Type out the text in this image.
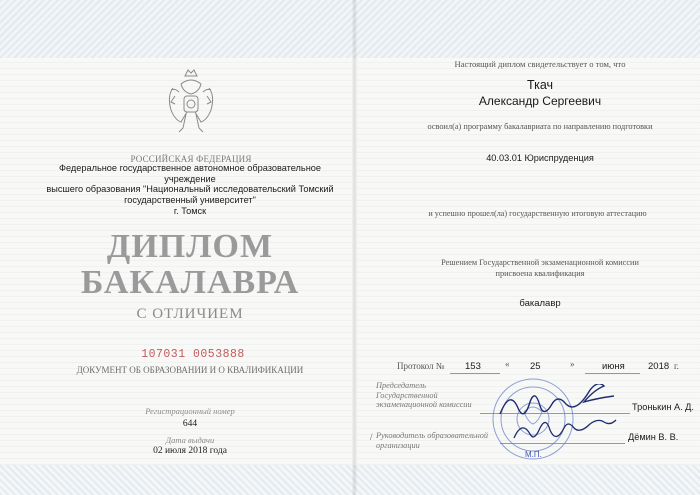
РОССИЙСКАЯ ФЕДЕРАЦИЯ
Федеральное государственное автономное образовательное учреждение
высшего образования "Национальный исследовательский Томский
государственный университет"
г. Томск
ДИПЛОМ
БАКАЛАВРА
С ОТЛИЧИЕМ
107031 0053888
ДОКУМЕНТ ОБ ОБРАЗОВАНИИ И О КВАЛИФИКАЦИИ
Регистрационный номер
644
Дата выдачи
02 июля 2018 года
Настоящий диплом свидетельствует о том, что
Ткач
Александр Сергеевич
освоил(а) программу бакалавриата по направлению подготовки
40.03.01 Юриспруденция
и успешно прошел(ла) государственную итоговую аттестацию
Решением Государственной экзаменационной комиссии
присвоена квалификация
бакалавр
Протокол № 153	« 25	»	июня 2018 г.
Председатель
Государственной
экзаменационной комиссии	Тронькин А. Д.
Руководитель образовательной
организации
Дёмин В. В.
/
М.П.
